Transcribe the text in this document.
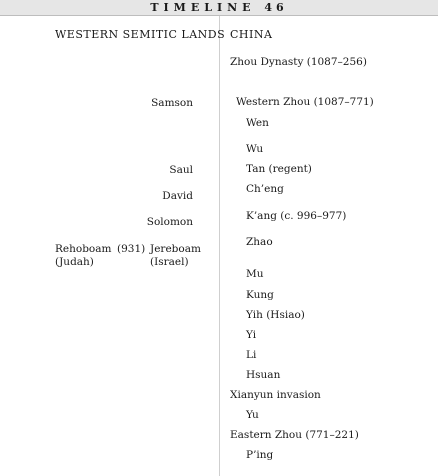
TIMELINE 46
WESTERN SEMITIC LANDS
Samson
Saul
David
Solomon
Rehoboam
(Judah)
(931) Jereboam
(Israel)
CHINA
Zhou Dynasty (1087–256)
Western Zhou (1087–771)
Wen
Wu
Tan (regent)
Ch’eng
K’ang (c. 996–977)
Zhao
Mu
Kung
Yih (Hsiao)
Yi
Li
Hsuan
Xianyun invasion
Yu
Eastern Zhou (771–221)
P’ing
